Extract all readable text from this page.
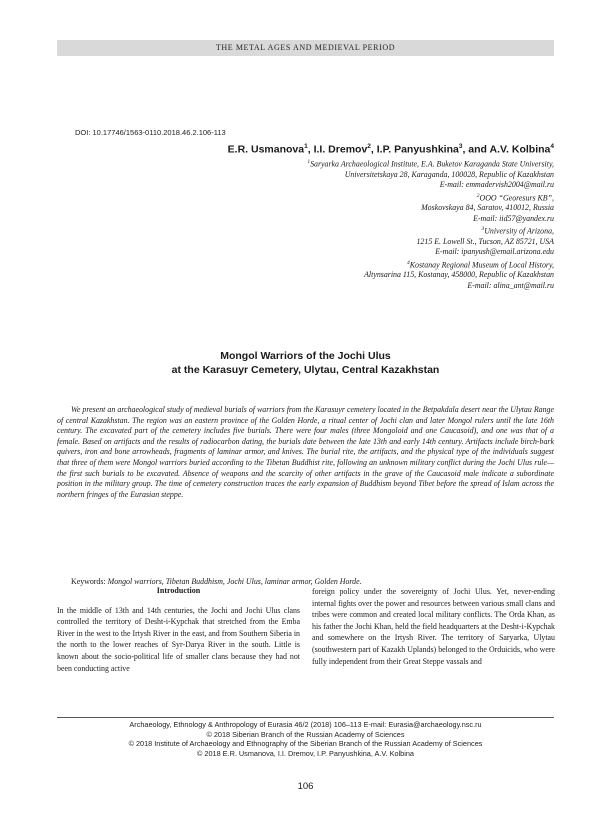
THE METAL AGES AND MEDIEVAL PERIOD
DOI: 10.17746/1563-0110.2018.46.2.106-113
E.R. Usmanova$^1$, I.I. Dremov$^2$, I.P. Panyushkina$^3$, and A.V. Kolbina$^4$
$^1$Saryarka Archaeological Institute, E.A. Buketov Karaganda State University,
Universitetskaya 28, Karaganda, 100028, Republic of Kazakhstan
E-mail: emmadervish2004@mail.ru
$^2$OOO “Georesurs KB”,
Moskovskaya 84, Saratov, 410012, Russia
E-mail: iid57@yandex.ru
$^3$University of Arizona,
1215 E. Lowell St., Tucson, AZ 85721, USA
E-mail: ipanyush@email.arizona.edu
$^4$Kostanay Regional Museum of Local History,
Altynsarina 115, Kostanay, 458000, Republic of Kazakhstan
E-mail: alina_ant@mail.ru
Mongol Warriors of the Jochi Ulus
at the Karasuyr Cemetery, Ulytau, Central Kazakhstan
We present an archaeological study of medieval burials of warriors from the Karasuyr cemetery located in the Betpakdala desert near the Ulytau Range of central Kazakhstan. The region was an eastern province of the Golden Horde, a ritual center of Jochi clan and later Mongol rulers until the late 16th century. The excavated part of the cemetery includes five burials. There were four males (three Mongoloid and one Caucasoid), and one was that of a female. Based on artifacts and the results of radiocarbon dating, the burials date between the late 13th and early 14th century. Artifacts include birch-bark quivers, iron and bone arrowheads, fragments of laminar armor, and knives. The burial rite, the artifacts, and the physical type of the individuals suggest that three of them were Mongol warriors buried according to the Tibetan Buddhist rite, following an unknown military conflict during the Jochi Ulus rule—the first such burials to be excavated. Absence of weapons and the scarcity of other artifacts in the grave of the Caucasoid male indicate a subordinate position in the military group. The time of cemetery construction traces the early expansion of Buddhism beyond Tibet before the spread of Islam across the northern fringes of the Eurasian steppe.
Keywords: Mongol warriors, Tibetan Buddhism, Jochi Ulus, laminar armor, Golden Horde.
Introduction

In the middle of 13th and 14th centuries, the Jochi and Jochi Ulus clans controlled the territory of Desht-i-Kypchak that stretched from the Emba River in the west to the Irtysh River in the east, and from Southern Siberia in the north to the lower reaches of Syr-Darya River in the south. Little is known about the socio-political life of smaller clans because they had not been conducting active

foreign policy under the sovereignty of Jochi Ulus. Yet, never-ending internal fights over the power and resources between various small clans and tribes were common and created local military conflicts. The Orda Khan, as his father the Jochi Khan, held the field headquarters at the Desht-i-Kypchak and somewhere on the Irtysh River. The territory of Saryarka, Ulytau (southwestern part of Kazakh Uplands) belonged to the Orduicids, who were fully independent from their Great Steppe vassals and

Archaeology, Ethnology & Anthropology of Eurasia 46/2 (2018) 106–113 E-mail: Eurasia@archaeology.nsc.ru
© 2018 Siberian Branch of the Russian Academy of Sciences
© 2018 Institute of Archaeology and Ethnography of the Siberian Branch of the Russian Academy of Sciences
© 2018 E.R. Usmanova, I.I. Dremov, I.P. Panyushkina, A.V. Kolbina
106
